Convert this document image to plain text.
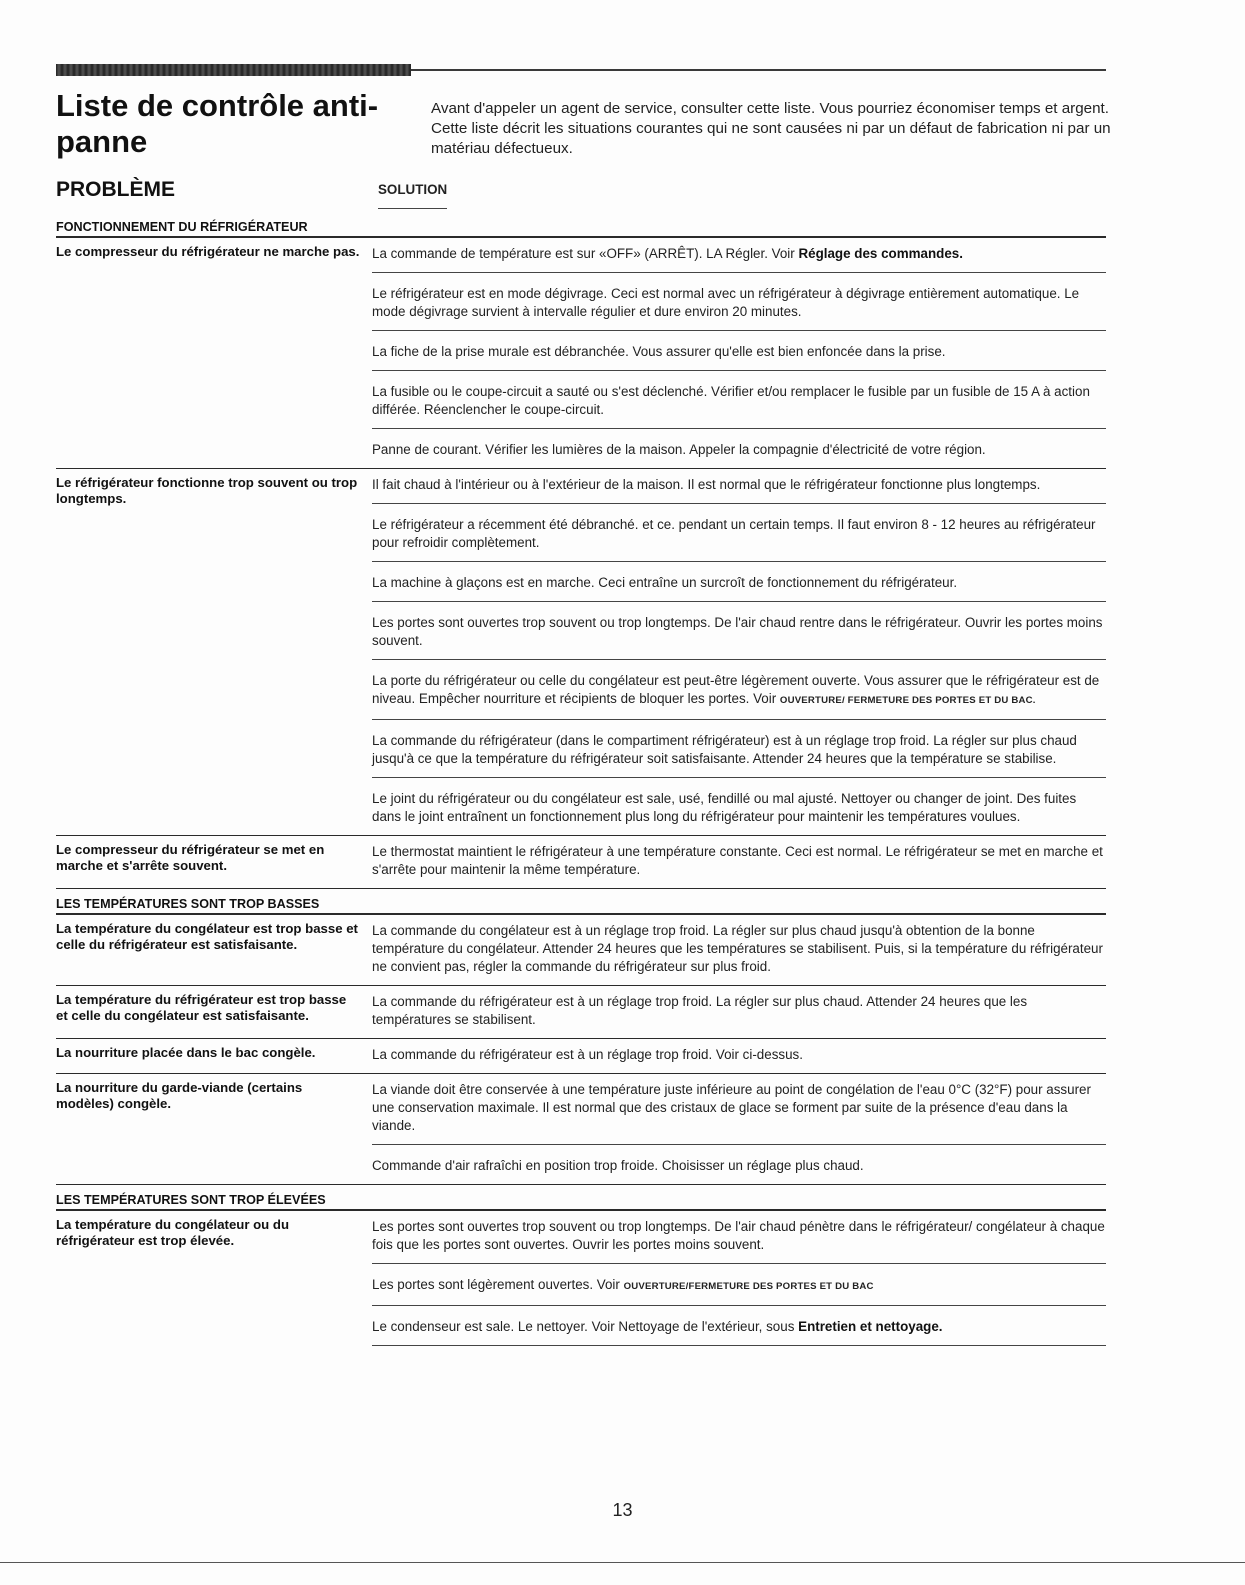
Liste de contrôle anti-panne
Avant d'appeler un agent de service, consulter cette liste. Vous pourriez économiser temps et argent. Cette liste décrit les situations courantes qui ne sont causées ni par un défaut de fabrication ni par un matériau défectueux.
PROBLÈME	SOLUTION
FONCTIONNEMENT DU RÉFRIGÉRATEUR
Le compresseur du réfrigérateur ne marche pas. La commande de température est sur «OFF» (ARRÊT). LA Régler. Voir Réglage des commandes.
Le réfrigérateur est en mode dégivrage. Ceci est normal avec un réfrigérateur à dégivrage entièrement automatique. Le mode dégivrage survient à intervalle régulier et dure environ 20 minutes.
La fiche de la prise murale est débranchée. Vous assurer qu'elle est bien enfoncée dans la prise.
La fusible ou le coupe-circuit a sauté ou s'est déclenché. Vérifier et/ou remplacer le fusible par un fusible de 15 A à action différée. Réenclencher le coupe-circuit.
Panne de courant. Vérifier les lumières de la maison. Appeler la compagnie d'électricité de votre région.
Le réfrigérateur fonctionne trop souvent ou trop longtemps.
Il fait chaud à l'intérieur ou à l'extérieur de la maison. Il est normal que le réfrigérateur fonctionne plus longtemps.
Le réfrigérateur a récemment été débranché. et ce. pendant un certain temps. Il faut environ 8 - 12 heures au réfrigérateur pour refroidir complètement.
La machine à glaçons est en marche. Ceci entraîne un surcroît de fonctionnement du réfrigérateur.
Les portes sont ouvertes trop souvent ou trop longtemps. De l'air chaud rentre dans le réfrigérateur. Ouvrir les portes moins souvent.
La porte du réfrigérateur ou celle du congélateur est peut-être légèrement ouverte. Vous assurer que le réfrigérateur est de niveau. Empêcher nourriture et récipients de bloquer les portes. Voir OUVERTURE/ FERMETURE DES PORTES ET DU BAC.
La commande du réfrigérateur (dans le compartiment réfrigérateur) est à un réglage trop froid. La régler sur plus chaud jusqu'à ce que la température du réfrigérateur soit satisfaisante. Attender 24 heures que la température se stabilise.
Le joint du réfrigérateur ou du congélateur est sale, usé, fendillé ou mal ajusté. Nettoyer ou changer de joint. Des fuites dans le joint entraînent un fonctionnement plus long du réfrigérateur pour maintenir les températures voulues.
Le compresseur du réfrigérateur se met en marche et s'arrête souvent.
Le thermostat maintient le réfrigérateur à une température constante. Ceci est normal. Le réfrigérateur se met en marche et s'arrête pour maintenir la même température.
LES TEMPÉRATURES SONT TROP BASSES
La température du congélateur est trop basse et celle du réfrigérateur est satisfaisante.
La commande du congélateur est à un réglage trop froid. La régler sur plus chaud jusqu'à obtention de la bonne température du congélateur. Attender 24 heures que les températures se stabilisent. Puis, si la température du réfrigérateur ne convient pas, régler la commande du réfrigérateur sur plus froid.
La température du réfrigérateur est trop basse et celle du congélateur est satisfaisante.
La commande du réfrigérateur est à un réglage trop froid. La régler sur plus chaud. Attender 24 heures que les températures se stabilisent.
La nourriture placée dans le bac congèle.	La commande du réfrigérateur est à un réglage trop froid. Voir ci-dessus.
La nourriture du garde-viande (certains modèles) congèle.
La viande doit être conservée à une température juste inférieure au point de congélation de l'eau 0°C (32°F) pour assurer une conservation maximale. Il est normal que des cristaux de glace se forment par suite de la présence d'eau dans la viande.
Commande d'air rafraîchi en position trop froide. Choisisser un réglage plus chaud.
LES TEMPÉRATURES SONT TROP ÉLEVÉES
La température du congélateur ou du réfrigérateur est trop élevée.
Les portes sont ouvertes trop souvent ou trop longtemps. De l'air chaud pénètre dans le réfrigérateur/ congélateur à chaque fois que les portes sont ouvertes. Ouvrir les portes moins souvent.
Les portes sont légèrement ouvertes. Voir OUVERTURE/FERMETURE DES PORTES ET DU BAC
Le condenseur est sale. Le nettoyer. Voir Nettoyage de l'extérieur, sous Entretien et nettoyage.
13
